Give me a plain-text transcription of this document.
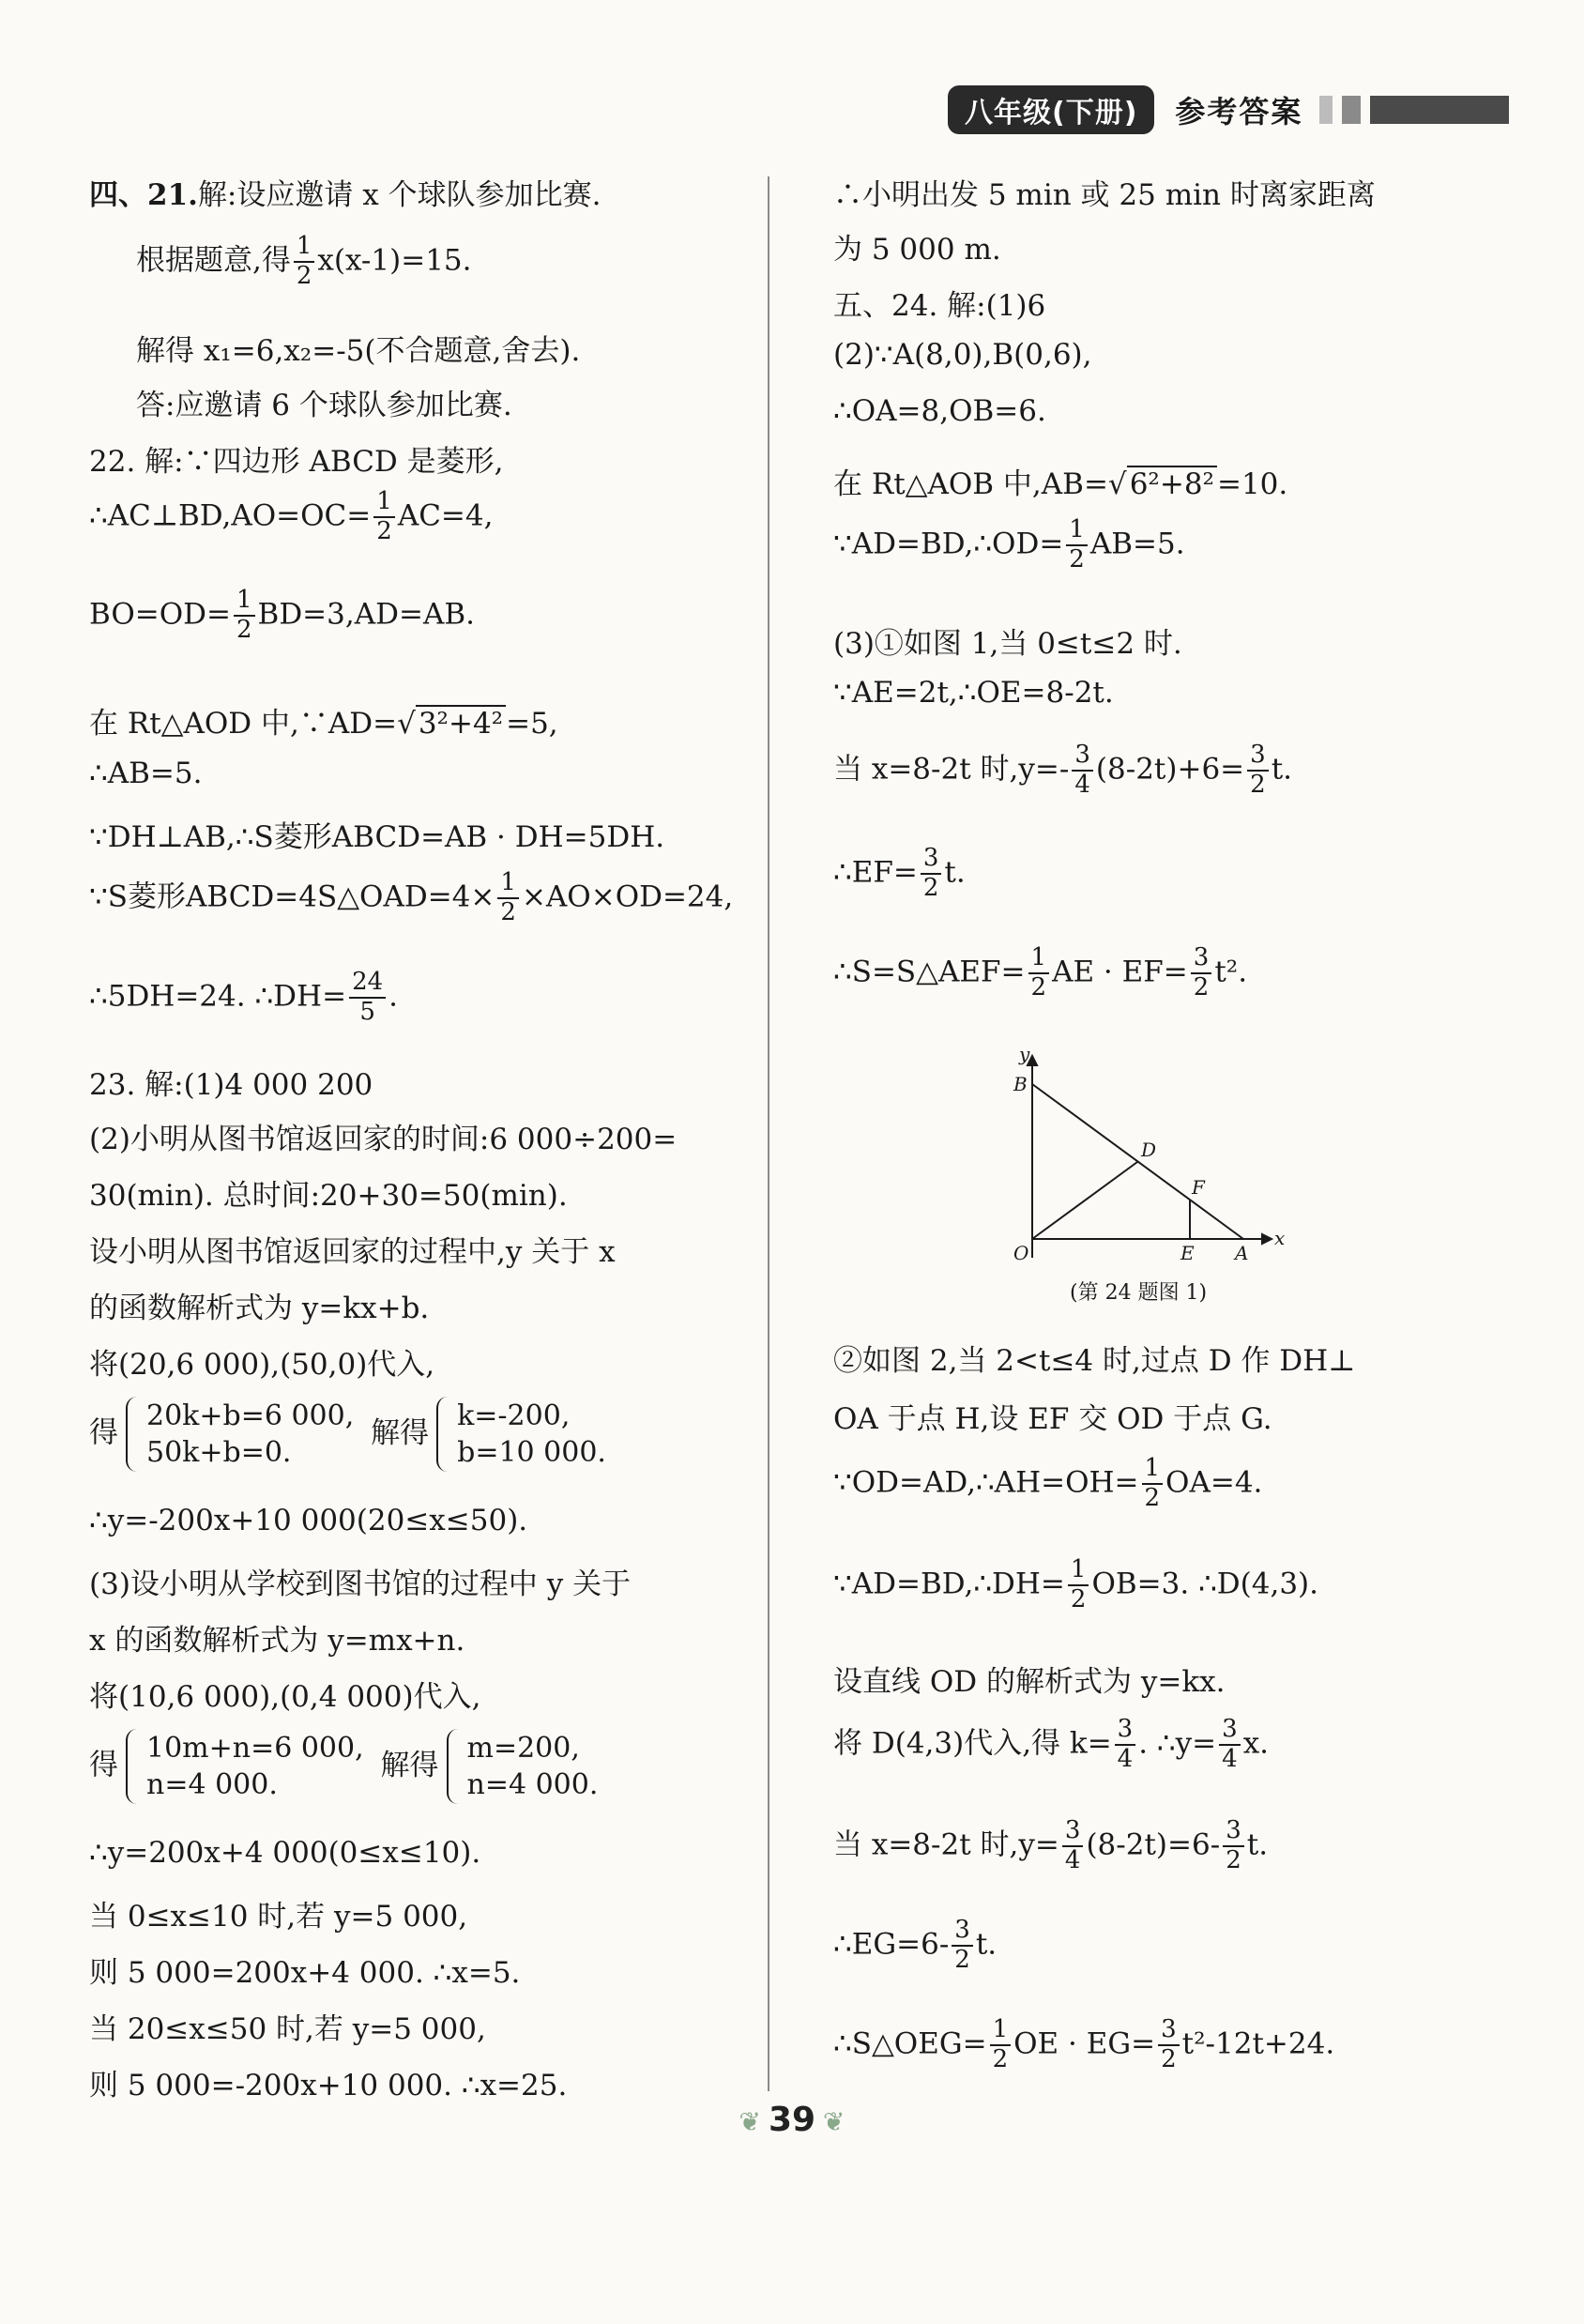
八年级(下册)	参考答案
四、21.解:设应邀请 x 个球队参加比赛.
根据题意,得 $\frac{1}{2} x(x-1)=15$.
解得 x₁=6,x₂=-5(不合题意,舍去).
答:应邀请 6 个球队参加比赛.
22. 解:∵四边形 ABCD 是菱形,
∴AC⊥BD,AO=OC= $\frac{1}{2} AC=4$,
$BO=OD= \frac{1}{2} BD=3,AD=AB$.
在 Rt△AOD 中,∵AD=√3²+4²=5,
∴AB=5.
∵DH⊥AB,∴S菱形ABCD=AB · DH=5DH.
∵S菱形ABCD=4S△OAD=4× $\frac{1}{2} \times AO\times OD=24$,
∴5DH=24. ∴DH= $\frac{24}{5}$ .
23. 解:(1)4 000 200
(2)小明从图书馆返回家的时间:6 000÷200=
30(min). 总时间:20+30=50(min).
设小明从图书馆返回家的过程中,y 关于 x
的函数解析式为 y=kx+b.
将(20,6 000),(50,0)代入,
得 20k+b=6 000,
50k+b=0. 解得 k=-200,
b=10 000.
∴y=-200x+10 000(20≤x≤50).
(3)设小明从学校到图书馆的过程中 y 关于
x 的函数解析式为 y=mx+n.
将(10,6 000),(0,4 000)代入,
得 10m+n=6 000,
n=4 000. 解得 m=200,
n=4 000.
∴y=200x+4 000(0≤x≤10).
当 0≤x≤10 时,若 y=5 000,
则 5 000=200x+4 000. ∴x=5.
当 20≤x≤50 时,若 y=5 000,
则 5 000=-200x+10 000. ∴x=25.
∴小明出发 5 min 或 25 min 时离家距离
为 5 000 m.
五、24. 解:(1)6
(2)∵A(8,0),B(0,6),
∴OA=8,OB=6.
在 Rt△AOB 中,AB=√6²+8²=10.
∵AD=BD,∴OD= $\frac{1}{2} AB=5$.
(3)①如图 1,当 0≤t≤2 时.
∵AE=2t,∴OE=8-2t.
当 x=8-2t 时$,y=- \frac{3}{4} (8-2t)+6= \frac{3}{2} t$.
∴EF= $\frac{3}{2} t$.
∴S=S△AEF= $\frac{1}{2}$ AE · $EF= \frac{3}{2} t^2$.
②如图 2,当 2<t≤4 时,过点 D 作 DH⊥
OA 于点 H,设 EF 交 OD 于点 G.
∵OD=AD,∴AH=OH= $\frac{1}{2} OA=4$.
∵AD=BD,∴DH= $\frac{1}{2} OB=3$. ∴D(4,3).
设直线 OD 的解析式为 y=kx.
将 D(4,3)代入,得 $k= \frac{3}{4}$ . ∴y= $\frac{3}{4} x$.
当 x=8-2t 时$,y= \frac{3}{4} (8-2t)=6- \frac{3}{2} t$.
∴EG=6- $\frac{3}{2} t$.
∴S△OEG= $\frac{1}{2}$ OE · $EG= \frac{3}{2} t^2-12t+24$.
y
B
D
F
O	E A
x
(第 24 题图 1)
❦ 39 ❦
